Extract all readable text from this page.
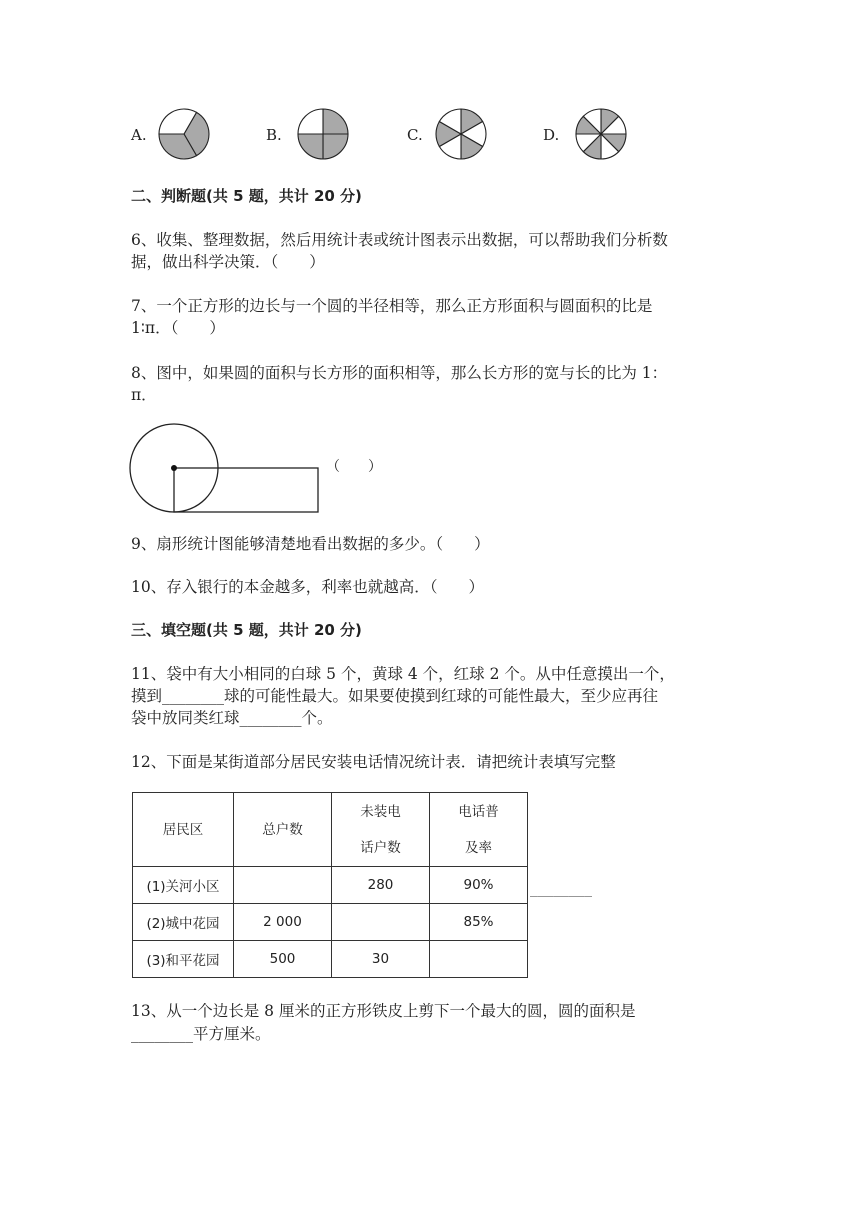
A.	B.	C.	D.
二、判断题(共 5 题，共计 20 分)
6、收集、整理数据，然后用统计表或统计图表示出数据，可以帮助我们分析数
据，做出科学决策．（　　）
7、一个正方形的边长与一个圆的半径相等，那么正方形面积与圆面积的比是
1∶π．（　　）
8、图中，如果圆的面积与长方形的面积相等，那么长方形的宽与长的比为 1：
π．
（　　）
9、扇形统计图能够清楚地看出数据的多少。（　　）
10、存入银行的本金越多，利率也就越高．（　　）
三、填空题(共 5 题，共计 20 分)
11、袋中有大小相同的白球 5 个，黄球 4 个，红球 2 个。从中任意摸出一个，
摸到________球的可能性最大。如果要使摸到红球的可能性最大，至少应再往
袋中放同类红球________个。
12、下面是某街道部分居民安装电话情况统计表．请把统计表填写完整
居民区	总户数	未装电
话户数	电话普
及率
(1)关河小区		280	90%
(2)城中花园	2 000		85%
(3)和平花园	500	30	
________
13、从一个边长是 8 厘米的正方形铁皮上剪下一个最大的圆，圆的面积是
________平方厘米。
